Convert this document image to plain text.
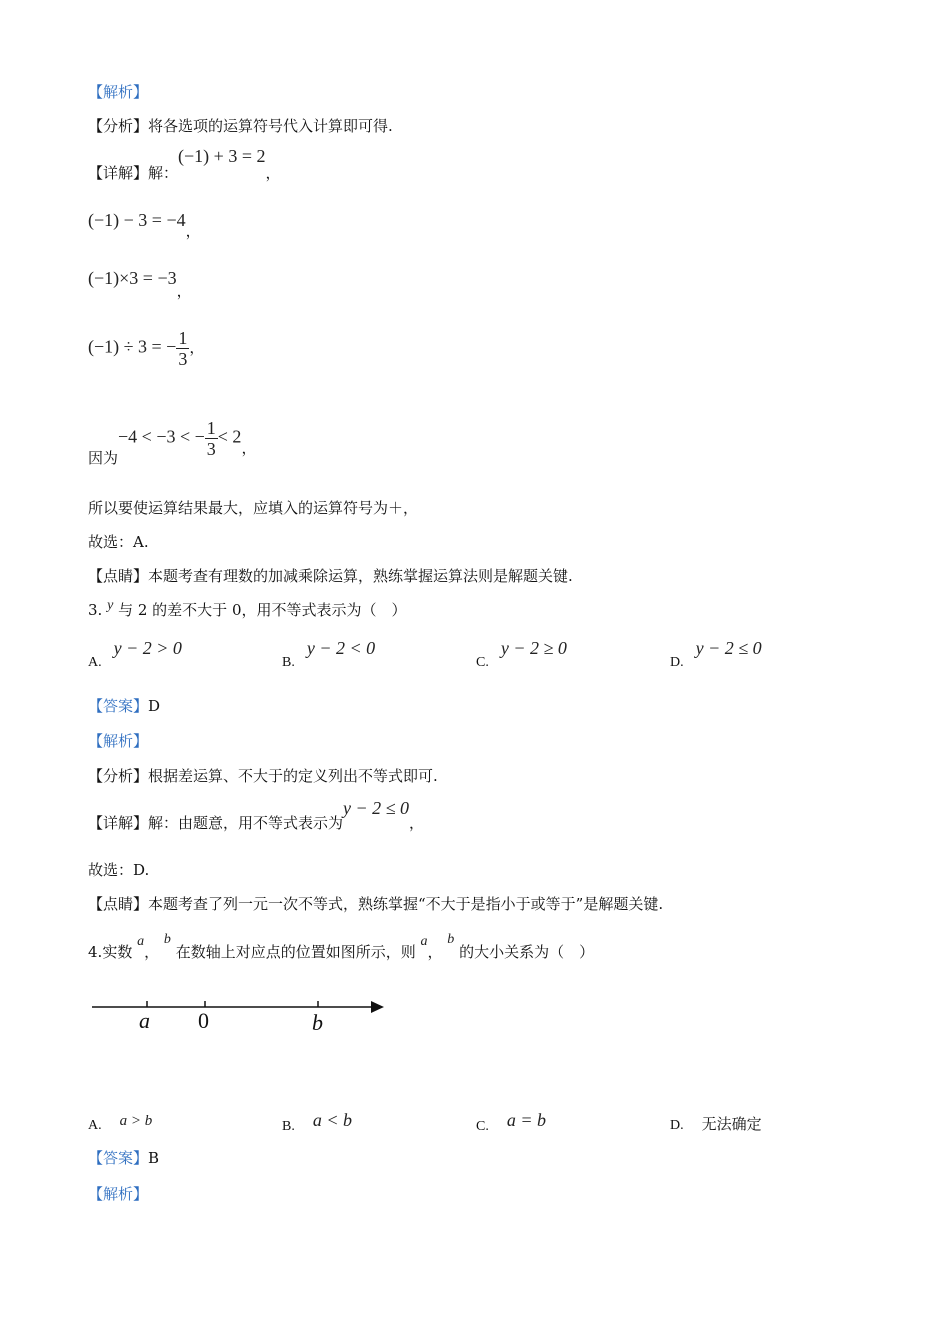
【解析】
【分析】将各选项的运算符号代入计算即可得.
【详解】解：(−1) + 3 = 2，
(−1) − 3 = −4，
(−1)×3 = −3，
(−1) ÷ 3 = − $\frac{1}{3}$ ，
因为−4 < −3 < − $\frac{1}{3} < 2$，
所以要使运算结果最大，应填入的运算符号为＋，
故选：A.
【点睛】本题考查有理数的加减乘除运算，熟练掌握运算法则是解题关键.
3. y 与 2 的差不大于 0，用不等式表示为（　）
A.y − 2 > 0
B.y − 2 < 0
C.y − 2 ≥ 0
D.y − 2 ≤ 0
【答案】D
【解析】
【分析】根据差运算、不大于的定义列出不等式即可.
【详解】解：由题意，用不等式表示为y − 2 ≤ 0，
故选：D.
【点睛】本题考查了列一元一次不等式，熟练掌握“不大于是指小于或等于”是解题关键.
4.实数 a， b 在数轴上对应点的位置如图所示，则 a， b 的大小关系为（　）
a 0	b
A. a > b	B. a < b	C. a = b	D. 无法确定
【答案】B
【解析】
